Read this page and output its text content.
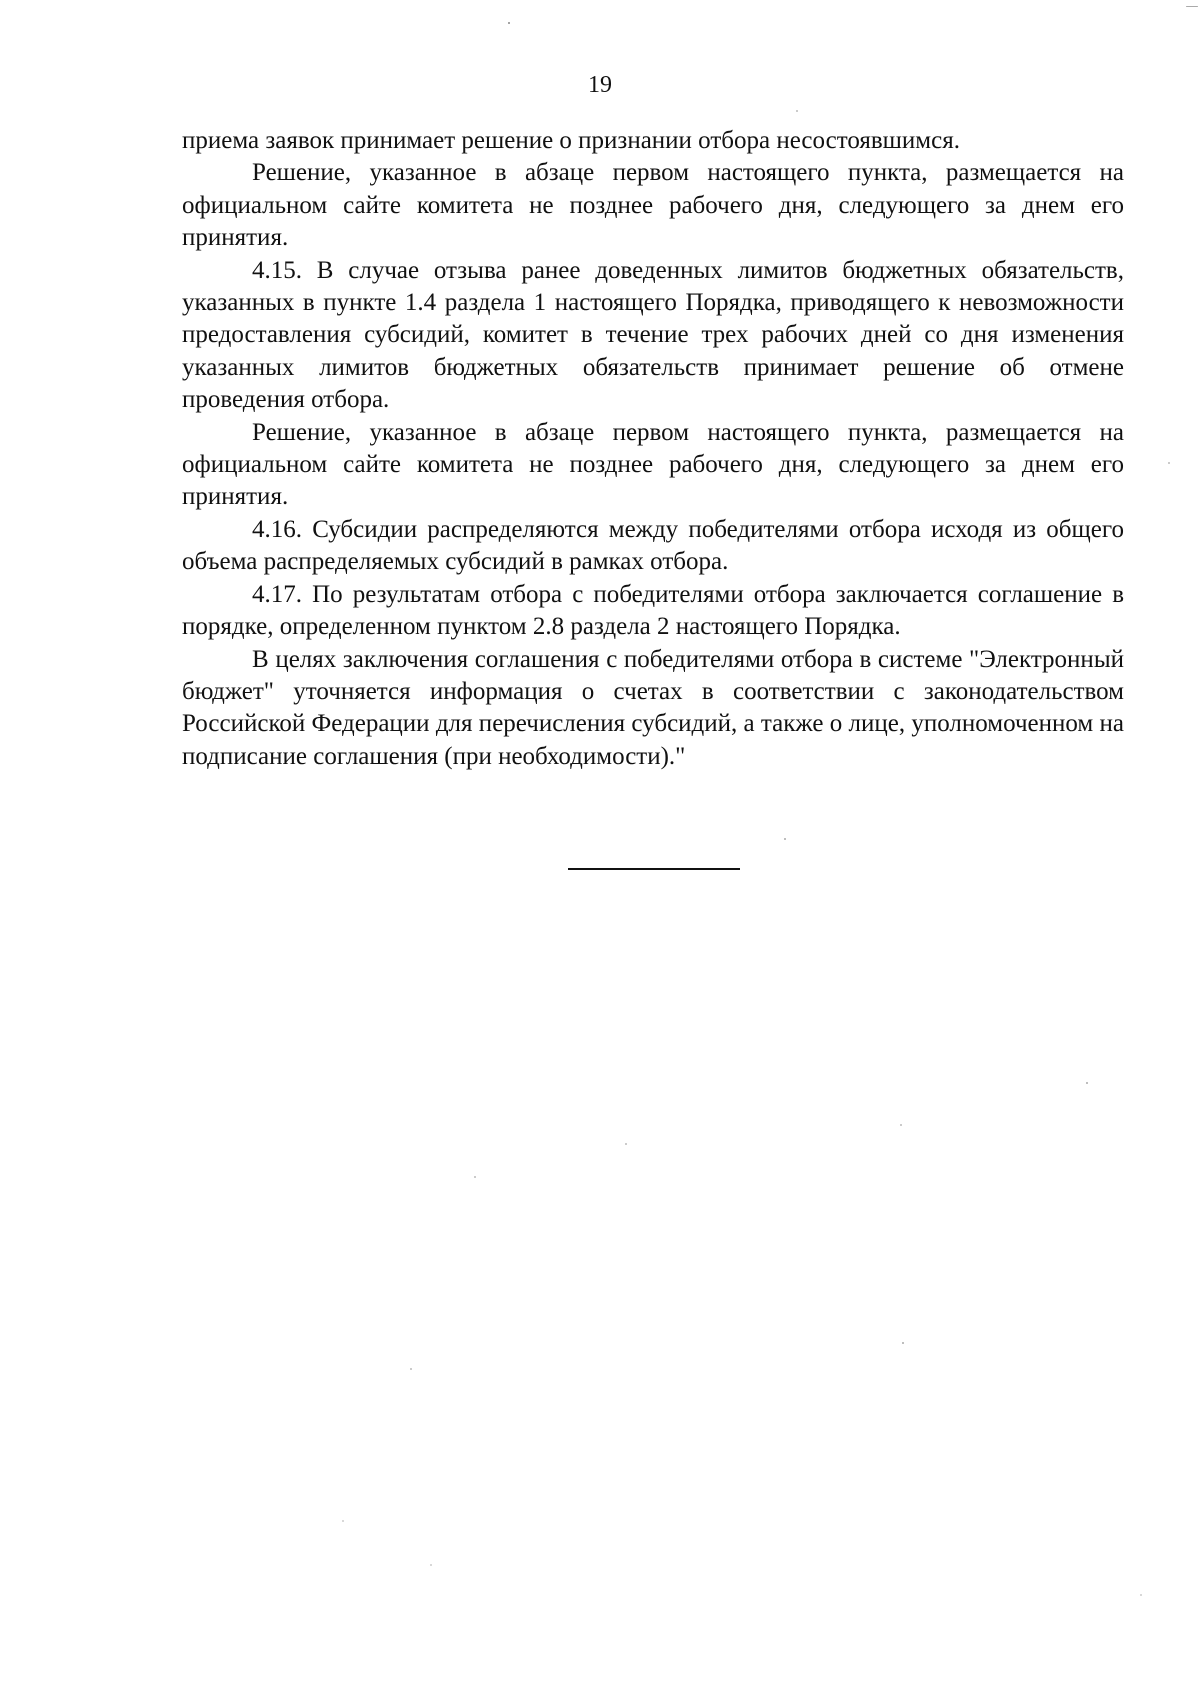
19

приема заявок принимает решение о признании отбора несостоявшимся.

Решение, указанное в абзаце первом настоящего пункта, размещается на официальном сайте комитета не позднее рабочего дня, следующего за днем его принятия.

4.15. В случае отзыва ранее доведенных лимитов бюджетных обязательств, указанных в пункте 1.4 раздела 1 настоящего Порядка, приводящего к невозможности предоставления субсидий, комитет в течение трех рабочих дней со дня изменения указанных лимитов бюджетных обязательств принимает решение об отмене проведения отбора.

Решение, указанное в абзаце первом настоящего пункта, размещается на официальном сайте комитета не позднее рабочего дня, следующего за днем его принятия.

4.16. Субсидии распределяются между победителями отбора исходя из общего объема распределяемых субсидий в рамках отбора.

4.17. По результатам отбора с победителями отбора заключается соглашение в порядке, определенном пунктом 2.8 раздела 2 настоящего Порядка.

В целях заключения соглашения с победителями отбора в системе "Электронный бюджет" уточняется информация о счетах в соответствии с законодательством Российской Федерации для перечисления субсидий, а также о лице, уполномоченном на подписание соглашения (при необходимости)."
